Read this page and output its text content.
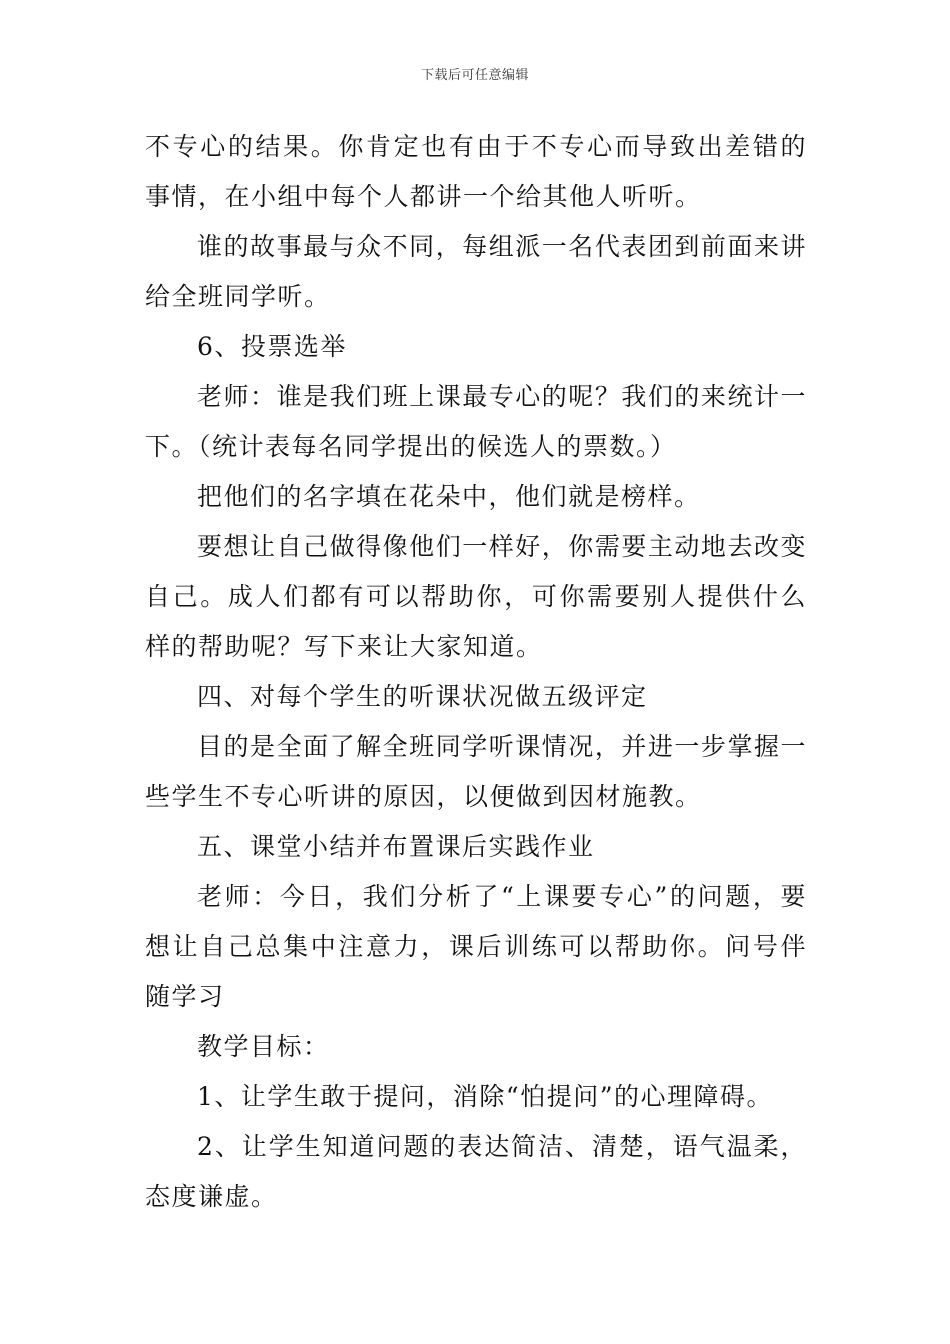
下载后可任意编辑

不专心的结果。你肯定也有由于不专心而导致出差错的事情，在小组中每个人都讲一个给其他人听听。

谁的故事最与众不同，每组派一名代表团到前面来讲给全班同学听。

6、投票选举

老师：谁是我们班上课最专心的呢？我们的来统计一下。（统计表每名同学提出的候选人的票数。）

把他们的名字填在花朵中，他们就是榜样。

要想让自己做得像他们一样好，你需要主动地去改变自己。成人们都有可以帮助你，可你需要别人提供什么样的帮助呢？写下来让大家知道。

四、对每个学生的听课状况做五级评定

目的是全面了解全班同学听课情况，并进一步掌握一些学生不专心听讲的原因，以便做到因材施教。

五、课堂小结并布置课后实践作业

老师：今日，我们分析了“上课要专心”的问题，要想让自己总集中注意力，课后训练可以帮助你。问号伴随学习

教学目标：

1、让学生敢于提问，消除“怕提问”的心理障碍。

2、让学生知道问题的表达简洁、清楚，语气温柔，态度谦虚。
